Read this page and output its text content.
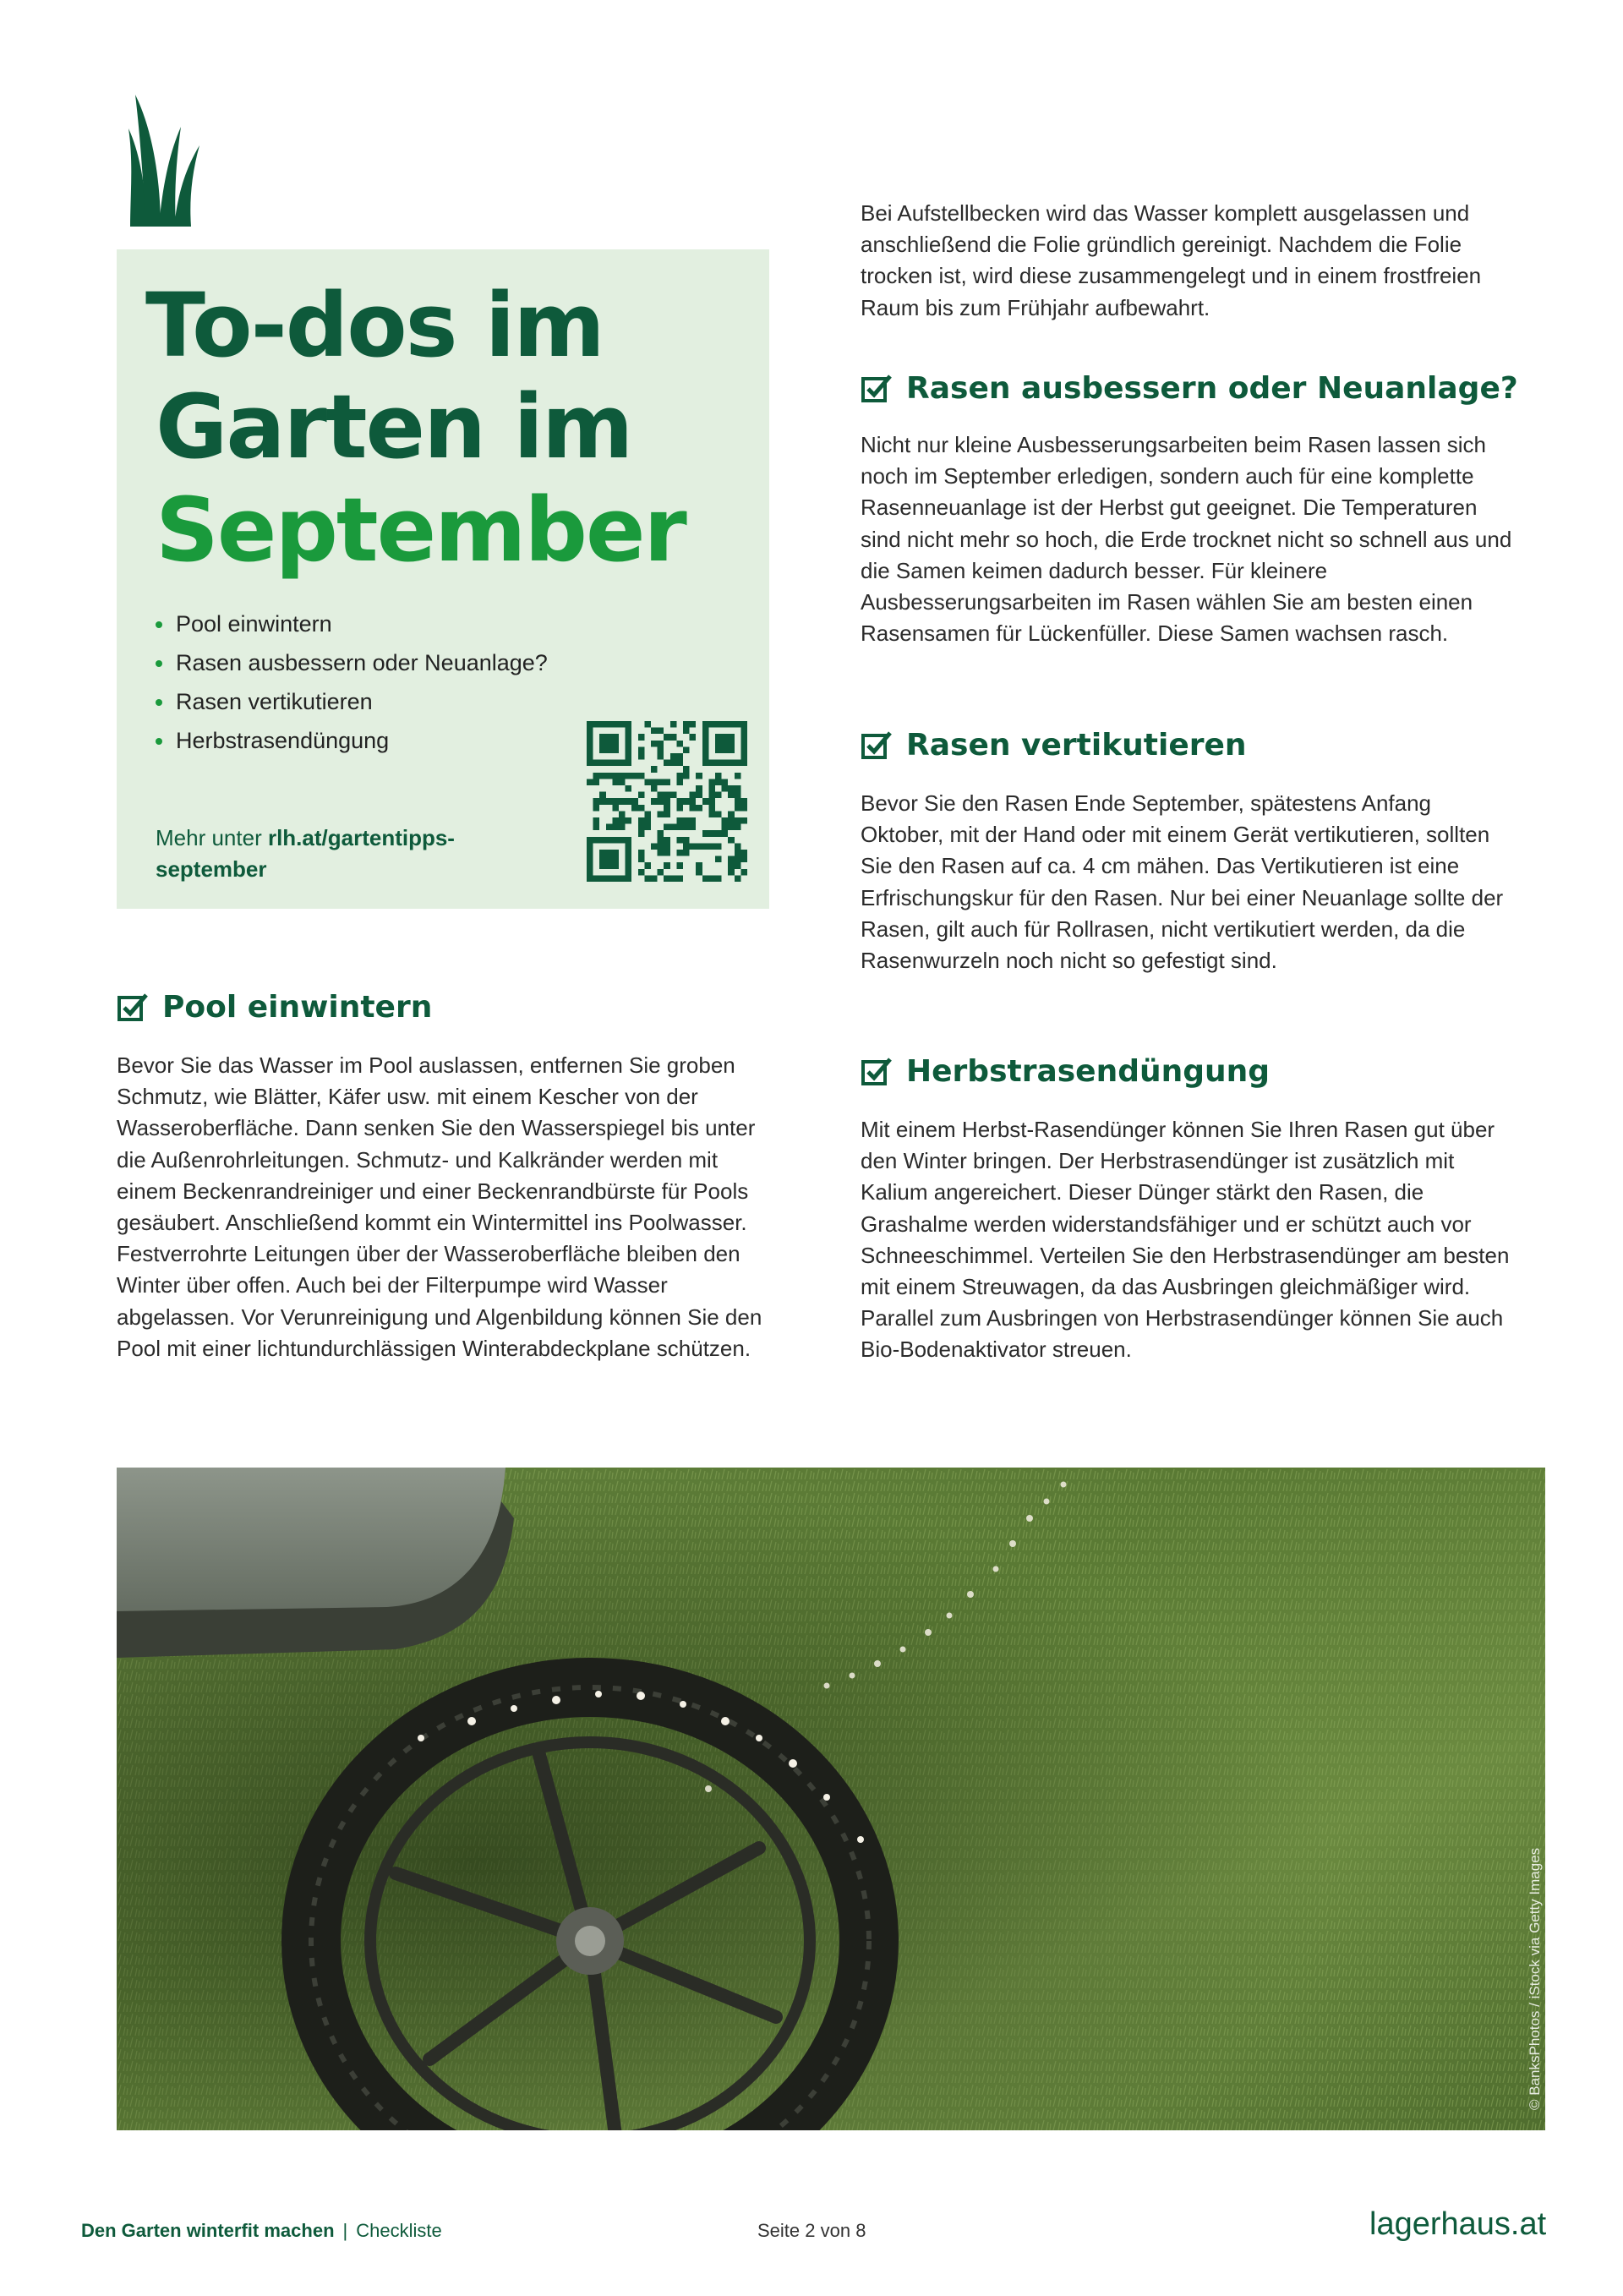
To-dos im
Garten im
September
Pool einwintern
Rasen ausbessern oder Neuanlage?
Rasen vertikutieren
Herbstrasendüngung
Mehr unter rlh.at/gartentipps-september
Pool einwintern

Bevor Sie das Wasser im Pool auslassen, entfernen Sie groben Schmutz, wie Blätter, Käfer usw. mit einem Kescher von der Wasseroberfläche. Dann senken Sie den Wasserspiegel bis unter die Außenrohrleitungen. Schmutz- und Kalkränder werden mit einem Beckenrandreiniger und einer Beckenrandbürste für Pools gesäubert. Anschließend kommt ein Wintermittel ins Poolwasser. Festverrohrte Leitungen über der Wasseroberfläche bleiben den Winter über offen. Auch bei der Filterpumpe wird Wasser abgelassen. Vor Verunreinigung und Algenbildung können Sie den Pool mit einer lichtundurchlässigen Winterabdeckplane schützen.

Bei Aufstellbecken wird das Wasser komplett ausgelassen und anschließend die Folie gründlich gereinigt. Nachdem die Folie trocken ist, wird diese zusammengelegt und in einem frostfreien Raum bis zum Frühjahr aufbewahrt.

Rasen ausbessern oder Neuanlage?

Nicht nur kleine Ausbesserungsarbeiten beim Rasen lassen sich noch im September erledigen, sondern auch für eine komplette Rasenneuanlage ist der Herbst gut geeignet. Die Temperaturen sind nicht mehr so hoch, die Erde trocknet nicht so schnell aus und die Samen keimen dadurch besser. Für kleinere Ausbesserungsarbeiten im Rasen wählen Sie am besten einen Rasensamen für Lückenfüller. Diese Samen wachsen rasch.

Rasen vertikutieren

Bevor Sie den Rasen Ende September, spätestens Anfang Oktober, mit der Hand oder mit einem Gerät vertikutieren, sollten Sie den Rasen auf ca. 4 cm mähen. Das Vertikutieren ist eine Erfrischungskur für den Rasen. Nur bei einer Neuanlage sollte der Rasen, gilt auch für Rollrasen, nicht vertikutiert werden, da die Rasenwurzeln noch nicht so gefestigt sind.

Herbstrasendüngung

Mit einem Herbst-Rasendünger können Sie Ihren Rasen gut über den Winter bringen. Der Herbstrasendünger ist zusätzlich mit Kalium angereichert. Dieser Dünger stärkt den Rasen, die Grashalme werden widerstandsfähiger und er schützt auch vor Schneeschimmel. Verteilen Sie den Herbstrasendünger am besten mit einem Streuwagen, da das Ausbringen gleichmäßiger wird. Parallel zum Ausbringen von Herbstrasendünger können Sie auch Bio-Bodenaktivator streuen.

© BanksPhotos / iStock via Getty Images
Den Garten winterfit machen | Checkliste	Seite 2 von 8	lagerhaus.at
